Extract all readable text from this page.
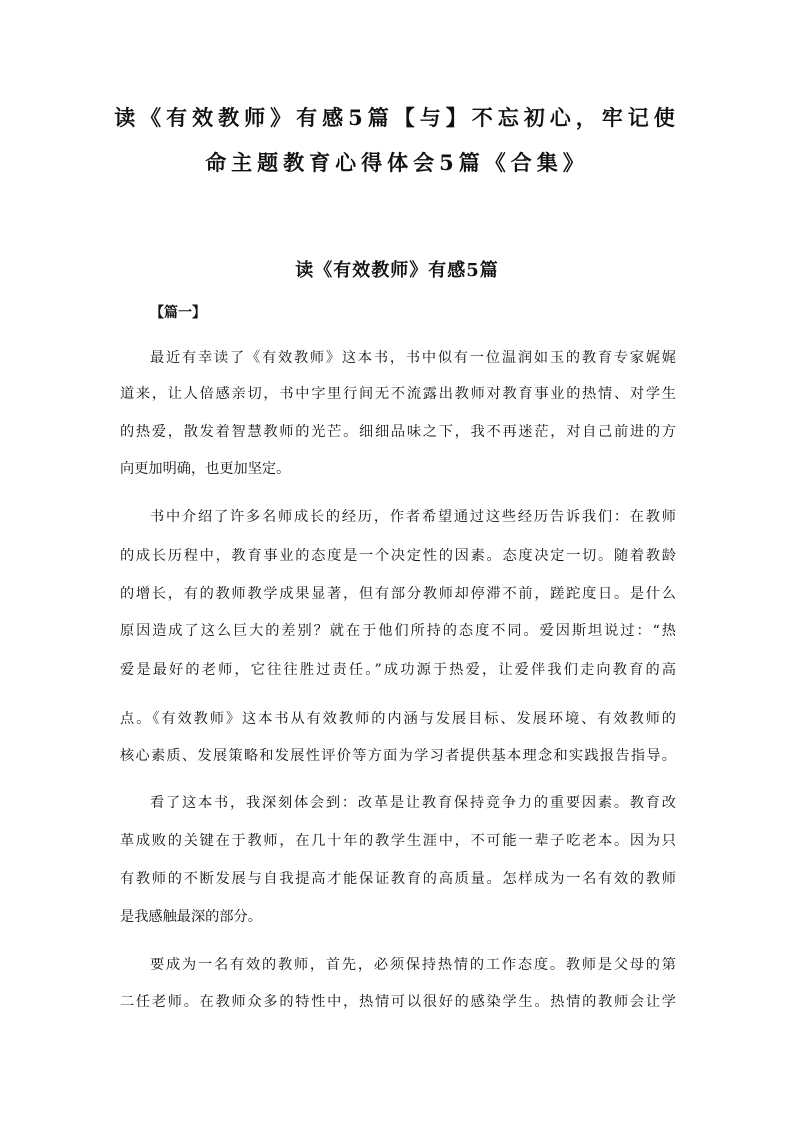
读《有效教师》有感5篇【与】不忘初心，牢记使
命主题教育心得体会5篇《合集》
读《有效教师》有感5篇

【篇一】

最近有幸读了《有效教师》这本书，书中似有一位温润如玉的教育专家娓娓

道来，让人倍感亲切，书中字里行间无不流露出教师对教育事业的热情、对学生

的热爱，散发着智慧教师的光芒。细细品味之下，我不再迷茫，对自己前进的方

向更加明确，也更加坚定。

书中介绍了许多名师成长的经历，作者希望通过这些经历告诉我们：在教师

的成长历程中，教育事业的态度是一个决定性的因素。态度决定一切。随着教龄

的增长，有的教师教学成果显著，但有部分教师却停滞不前，蹉跎度日。是什么

原因造成了这么巨大的差别？就在于他们所持的态度不同。爱因斯坦说过：“热

爱是最好的老师，它往往胜过责任。”成功源于热爱，让爱伴我们走向教育的高

点。《有效教师》这本书从有效教师的内涵与发展目标、发展环境、有效教师的

核心素质、发展策略和发展性评价等方面为学习者提供基本理念和实践报告指导。

看了这本书，我深刻体会到：改革是让教育保持竞争力的重要因素。教育改

革成败的关键在于教师，在几十年的教学生涯中，不可能一辈子吃老本。因为只

有教师的不断发展与自我提高才能保证教育的高质量。怎样成为一名有效的教师

是我感触最深的部分。

要成为一名有效的教师，首先，必须保持热情的工作态度。教师是父母的第

二任老师。在教师众多的特性中，热情可以很好的感染学生。热情的教师会让学
